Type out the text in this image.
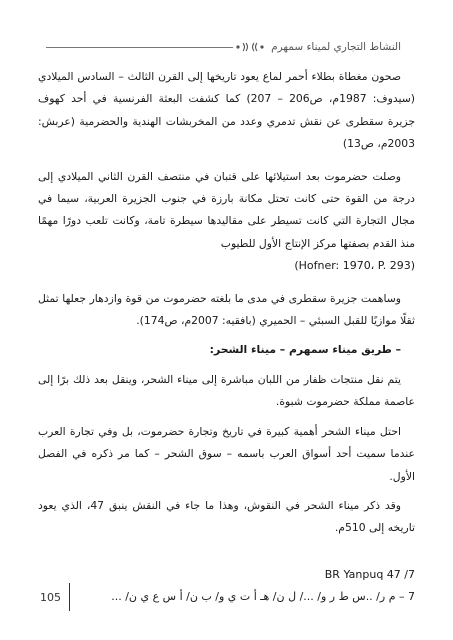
النشاط التجاري لميناء سمهرم

صحون مغطاة بطلاء أحمر لماع يعود تاريخها إلى القرن الثالث – السادس الميلادي (سيدوف: 1987م، ص206 – 207) كما كشفت البعثة الفرنسية في أحد كهوف جزيرة سقطرى عن نقش تدمري وعدد من المخربشات الهندية والحضرمية (عربش: 2003م، ص13)

وصلت حضرموت بعد استيلائها على قتبان في منتصف القرن الثاني الميلادي إلى درجة من القوة حتى كانت تحتل مكانة بارزة في جنوب الجزيرة العربية، سيما في مجال التجارة التي كانت تسيطر على مقاليدها سيطرة تامة، وكانت تلعب دورًا مهمًا منذ القدم بصفتها مركز الإنتاج الأول للطيوب

(Hofner: 1970، P. 293)

وساهمت جزيرة سقطرى في مدى ما بلغته حضرموت من قوة وازدهار جعلها تمثل ثقلًا موازيًا للقبل السبئي – الحميري (بافقيه: 2007م، ص174).

– طريق ميناء سمهرم – ميناء الشحر:

يتم نقل منتجات ظفار من اللبان مباشرة إلى ميناء الشحر، وينقل بعد ذلك برًا إلى عاصمة مملكة حضرموت شبوة.

احتل ميناء الشحر أهمية كبيرة في تاريخ وتجارة حضرموت، بل وفي تجارة العرب عندما سميت أحد أسواق العرب باسمه – سوق الشحر – كما مر ذكره في الفصل الأول.

وقد ذكر ميناء الشحر في النقوش، وهذا ما جاء في النقش ينبق 47، الذي يعود تاريخه إلى 510م.

BR Yanpuq 47 /7
7 – م ر/ ..س ط ر و/ .../ ل ن/ هـ أ ت ي و/ ب ن/ أ س ع ي ن/ ...
105
